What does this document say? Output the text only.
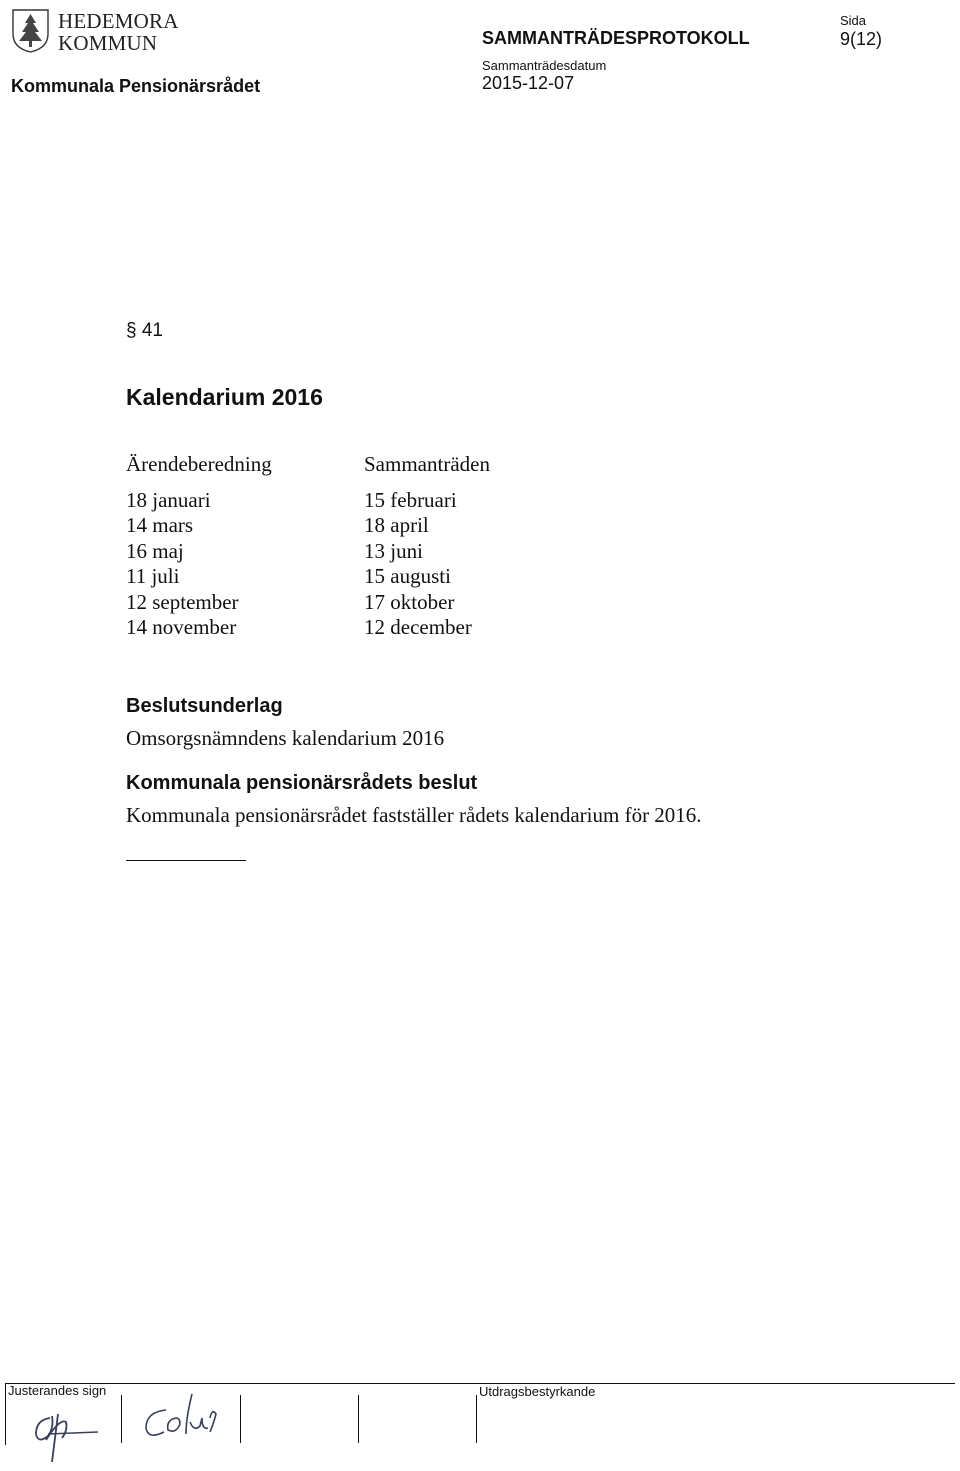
HEDEMORA
KOMMUN
Kommunala Pensionärsrådet
SAMMANTRÄDESPROTOKOLL
Sammanträdesdatum
2015-12-07
Sida
9(12)
§ 41
Kalendarium 2016
Ärendeberedning
18 januari
14 mars
16 maj
11 juli
12 september
14 november
Sammanträden
15 februari
18 april
13 juni
15 augusti
17 oktober
12 december
Beslutsunderlag
Omsorgsnämndens kalendarium 2016
Kommunala pensionärsrådets beslut
Kommunala pensionärsrådet fastställer rådets kalendarium för 2016.
Justerandes sign	Utdragsbestyrkande
